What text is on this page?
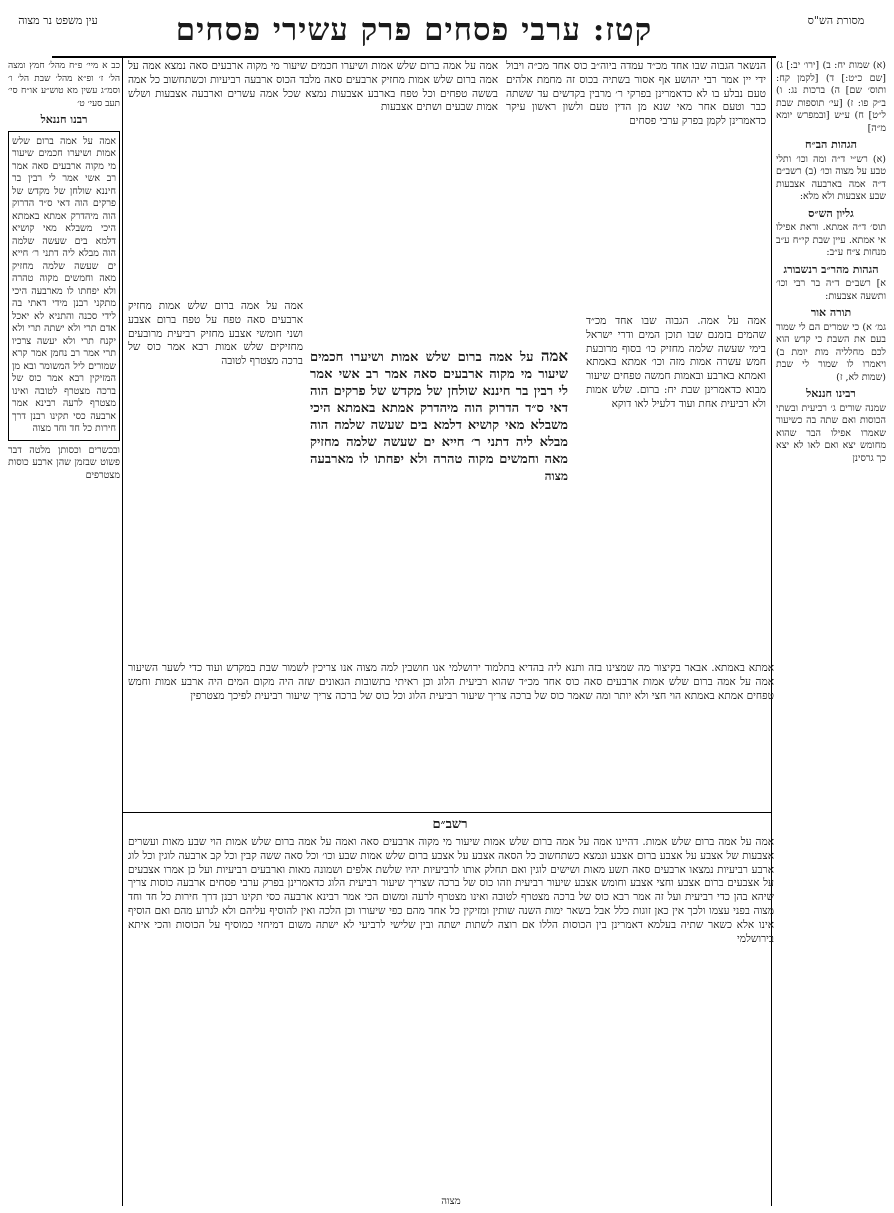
קטז: ערבי פסחים פרק עשירי פסחים	מסורת הש"ס
עין משפט נר מצוה
(א) שמות יח: ב) [ירו׳ יב:] ג) [שם כ״ט:] ד) [לקמן קח: ותוס׳ שם] ה) ברכות נג: ו) ב״ק פו: ז) [עי׳ תוספות שבת ל״ט] ח) ע״ש [ובמפרש יומא מ״ה]
הגהות הב״ח
(א) רש״י ד״ה ומה וכו׳ ותלי טבע על מצוה וכו׳ (ב) רשב״ם ד״ה אמה בארבעה אצבעות שבע אצבעות ולא מלא:
גליון הש״ס
תוס׳ ד״ה אמתא. וראת אפילו אי אמתא. עיין שבת קי״ח ע״ב מנחות צ״ח ע״ב:
הגהות מהר״ב רנשבורג
א] רשב״ם ד״ה בר רבי וכו׳ ותשעה אצבעות:
תורה אור
גמ׳ א) כי שמרים הם לי שמור בעם את השבת כי קדש הוא לכם מחלליה מות יומת ב) ויאמרו לו שמור לי שבת (שמות לא, ז)
רבינו חננאל
שמנה שורים ג׳ רביעית ובשתי הכוסות ואם שתה בה כשיעור שאמרו אפילו הבר שהוא מחומש יצא ואם לאו לא יצא כך גרסינן
כב א מיי׳ פ״ח מהל׳ חמץ ומצה הל׳ ז׳ ופ״א מהל׳ שבת הל׳ ו׳ וסמ״ג עשין מא טוש״ע או״ח סי׳ תעב סעי׳ ט׳
רבנו חננאל
אמה על אמה ברום שלש אמות ושיערו חכמים שיעור מי מקוה ארבעים סאה אמר רב אשי אמר לי רבין בר חיננא שולחן של מקדש של פרקים הוה דאי ס״ד הדרוק הוה מיהדרק אמתא באמתא היכי משבלא מאי קושיא דלמא בים שעשה שלמה הוה מבלא ליה דתני ר׳ חייא ים שעשה שלמה מחזיק מאה וחמשים מקוה טהרה ולא יפחתו לו מארבעה היכי מתקני רבנן מידי דאתי בה לידי סכנה והתניא לא יאכל אדם תרי ולא ישתה תרי ולא יקנח תרי ולא יעשה צרכיו תרי אמר רב נחמן אמר קרא שמורים ליל המשומר ובא מן המזיקין רבא אמר כוס של ברכה מצטרף לטובה ואינו מצטרף לרעה רבינא אמר ארבעה כסי תקינו רבנן דרך חירות כל חד וחד מצוה
ובכשרים וכסותן מלטה דבר פשוט שבזמן שהן ארבע כוסות מצטרפים
הנשאר הגבוה שבו אחד מכ״ד עמדה ביוה״ב כוס אחד מכ״ה ויבול ידי יין אמר רבי יהושע אף אסור בשתיה בכוס זה מחמת אלהים טעם נבלע בו לא כדאמרינן בפרקי ר׳ מרבין בקדשים עד ששתה כבר וטעם אחר מאי שנא מן הדין טעם ולשון ראשון עיקר כדאמרינן לקמן בפרק ערבי פסחים
אמה על אמה ברום שלש אמות ושיערו חכמים שיעור מי מקוה ארבעים סאה נמצא אמה על אמה ברום שלש אמות מחזיק ארבעים סאה מלבד הכוס ארבעה רביעיות וכשתחשוב כל אמה בששה טפחים וכל טפח בארבע אצבעות נמצא שכל אמה עשרים וארבעה אצבעות ושלש אמות שבעים ושתים אצבעות
אמה על אמה. הגבוה שבו אחד מכ״ד שהמים בזמנם שבו תוכן המים ודרי ישראל בימי שעשה שלמה מחזיק כו׳ בסוף מרובעת חמש עשרה אמות מזה וכו׳ אמתא באמתא ואמתא בארבע ובאמות חמשה טפחים שיעור מבוא כדאמרינן שבת יח: ברום. שלש אמות ולא רביעית אחת ועוד דלעיל לאו דוקא
אמה על אמה ברום שלש אמות מחזיק ארבעים סאה טפח על טפח ברום אצבע ושני חומשי אצבע מחזיק רביעית מרובעים מחזיקים שלש אמות רבא אמר כוס של ברכה מצטרף לטובה	אמה על אמה ברום שלש אמות ושיערו חכמים שיעור מי מקוה ארבעים סאה אמר רב אשי אמר לי רבין בר חיננא שולחן של מקדש של פרקים הוה דאי ס״ד הדרוק הוה מיהדרק אמתא באמתא היכי משבלא מאי קושיא דלמא בים שעשה שלמה הוה מבלא ליה דתני ר׳ חייא ים שעשה שלמה מחזיק מאה וחמשים מקוה טהרה ולא יפחתו לו מארבעה מצוה
אמתא באמתא. אבאר בקיצור מה שמצינו בזה ותנא ליה בהדיא בתלמוד ירושלמי אנו חושבין למה מצוה אנו צריכין לשמור שבת במקדש ועוד כדי לשער השיעור אמה על אמה ברום שלש אמות ארבעים סאה כוס אחד מכ״ד שהוא רביעית הלוג וכן ראיתי בתשובות הגאונים שזה היה מקום המים היה ארבע אמות וחמש טפחים אמתא באמתא הוי חצי ולא יותר ומה שאמר כוס של ברכה צריך שיעור רביעית הלוג וכל כוס של ברכה צריך שיעור רביעית לפיכך מצטרפין
רשב״ם
אמה על אמה ברום שלש אמות. דהיינו אמה על אמה ברום שלש אמות שיעור מי מקוה ארבעים סאה ואמה על אמה ברום שלש אמות הוי שבע מאות ועשרים אצבעות של אצבע על אצבע ברום אצבע ונמצא כשתחשוב כל הסאה אצבע על אצבע ברום שלש אמות שבע וכו׳ וכל סאה ששה קבין וכל קב ארבעה לוגין וכל לוג ארבע רביעיות נמצאו ארבעים סאה תשע מאות ושישים לוגין ואם תחלק אותו לרביעיות יהיו שלשת אלפים ושמונה מאות וארבעים רביעיות ועל כן אמרו אצבעים על אצבעים ברום אצבע וחצי אצבע וחומש אצבע שיעור רביעית וזהו כוס של ברכה שצריך שיעור רביעית הלוג כדאמרינן בפרק ערבי פסחים ארבעה כוסות צריך שיהא בהן כדי רביעית ועל זה אמר רבא כוס של ברכה מצטרף לטובה ואינו מצטרף לרעה ומשום הכי אמר רבינא ארבעה כסי תקינו רבנן דרך חירות כל חד וחד מצוה בפני עצמו ולכך אין כאן זוגות כלל אבל בשאר ימות השנה שותין ומזיקין כל אחד מהם כפי שיעורו וכן הלכה ואין להוסיף עליהם ולא לגרוע מהם ואם הוסיף אינו אלא כשאר שתיה בעלמא דאמרינן בין הכוסות הללו אם רוצה לשתות ישתה ובין שלישי לרביעי לא ישתה משום דמיחזי כמוסיף על הכוסות והכי איתא בירושלמי
מצוה
